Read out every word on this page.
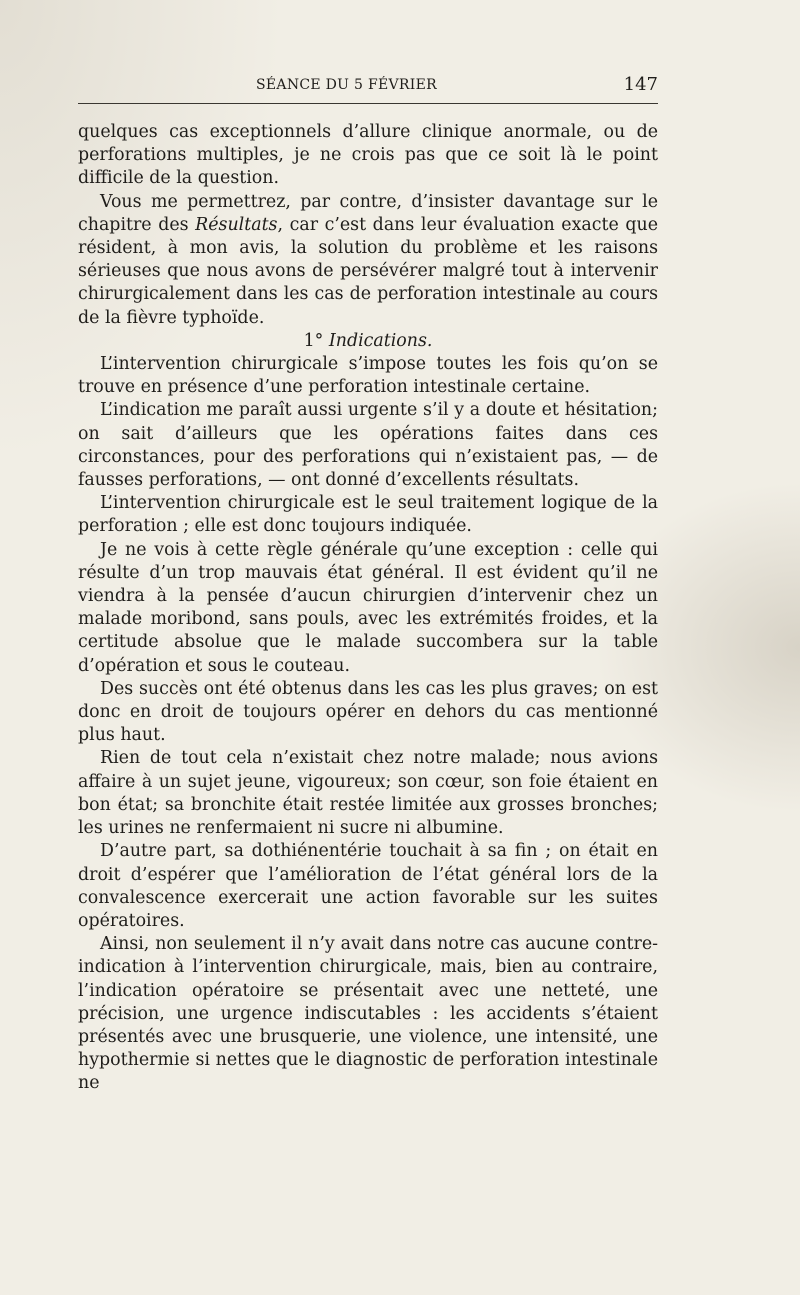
SÉANCE DU 5 FÉVRIER	147

quelques cas exceptionnels d’allure clinique anormale, ou de perforations multiples, je ne crois pas que ce soit là le point difficile de la question.

Vous me permettrez, par contre, d’insister davantage sur le chapitre des Résultats, car c’est dans leur évaluation exacte que résident, à mon avis, la solution du problème et les raisons sérieuses que nous avons de persévérer malgré tout à intervenir chirurgicalement dans les cas de perforation intestinale au cours de la fièvre typhoïde.

1° Indications.

L’intervention chirurgicale s’impose toutes les fois qu’on se trouve en présence d’une perforation intestinale certaine.

L’indication me paraît aussi urgente s’il y a doute et hésitation; on sait d’ailleurs que les opérations faites dans ces circonstances, pour des perforations qui n’existaient pas, — de fausses perforations, — ont donné d’excellents résultats.

L’intervention chirurgicale est le seul traitement logique de la perforation ; elle est donc toujours indiquée.

Je ne vois à cette règle générale qu’une exception : celle qui résulte d’un trop mauvais état général. Il est évident qu’il ne viendra à la pensée d’aucun chirurgien d’intervenir chez un malade moribond, sans pouls, avec les extrémités froides, et la certitude absolue que le malade succombera sur la table d’opération et sous le couteau.

Des succès ont été obtenus dans les cas les plus graves; on est donc en droit de toujours opérer en dehors du cas mentionné plus haut.

Rien de tout cela n’existait chez notre malade; nous avions affaire à un sujet jeune, vigoureux; son cœur, son foie étaient en bon état; sa bronchite était restée limitée aux grosses bronches; les urines ne renfermaient ni sucre ni albumine.

D’autre part, sa dothiénentérie touchait à sa fin ; on était en droit d’espérer que l’amélioration de l’état général lors de la convalescence exercerait une action favorable sur les suites opératoires.

Ainsi, non seulement il n’y avait dans notre cas aucune contre-indication à l’intervention chirurgicale, mais, bien au contraire, l’indication opératoire se présentait avec une netteté, une précision, une urgence indiscutables : les accidents s’étaient présentés avec une brusquerie, une violence, une intensité, une hypothermie si nettes que le diagnostic de perforation intestinale ne
